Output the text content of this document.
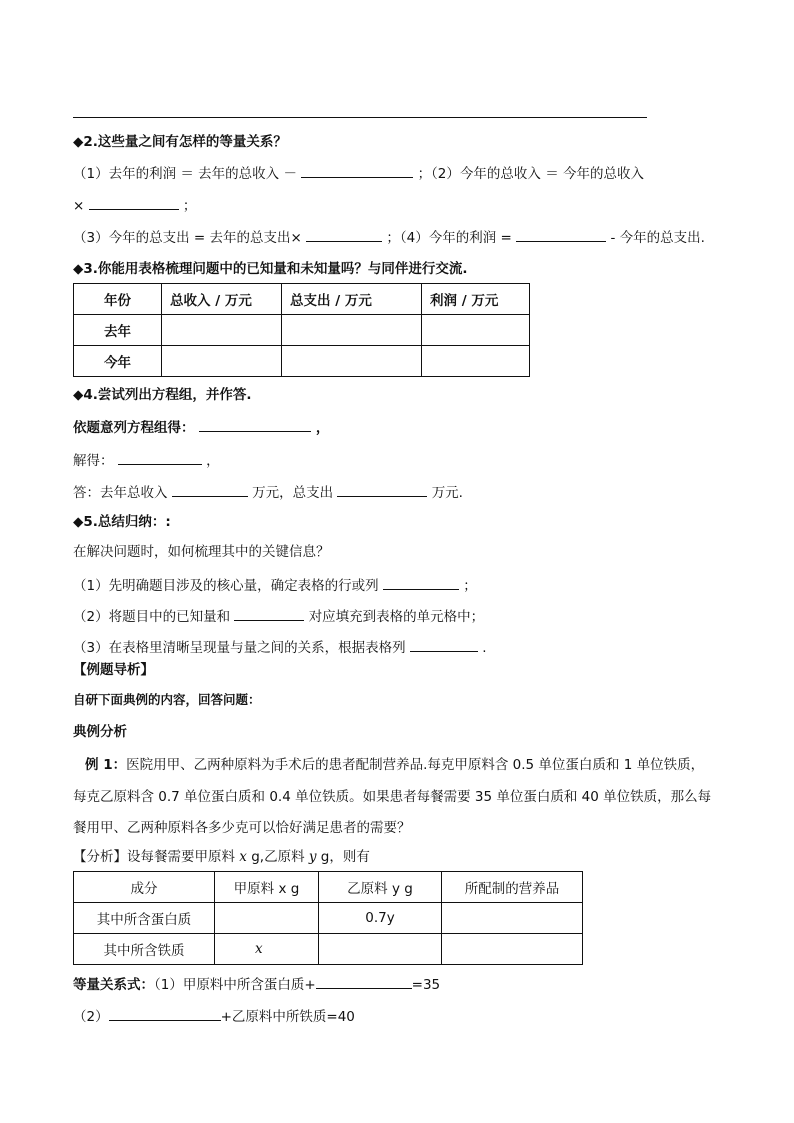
◆2.这些量之间有怎样的等量关系？
（1）去年的利润 ＝ 去年的总收入 －	；（2）今年的总收入 ＝ 今年的总收入
×	；
（3）今年的总支出 = 去年的总支出×	；（4）今年的利润 =	- 今年的总支出.
◆3.你能用表格梳理问题中的已知量和未知量吗？与同伴进行交流.
年份	总收入 / 万元	总支出 / 万元	利润 / 万元
去年			
今年			
◆4.尝试列出方程组，并作答.
依题意列方程组得：	，
解得：	，
答：去年总收入	万元，总支出	万元.
◆5.总结归纳：:
在解决问题时，如何梳理其中的关键信息？
（1）先明确题目涉及的核心量，确定表格的行或列	；
（2）将题目中的已知量和	对应填充到表格的单元格中；
（3）在表格里清晰呈现量与量之间的关系，根据表格列	.
【例题导析】
自研下面典例的内容，回答问题：
典例分析
例 1：医院用甲、乙两种原料为手术后的患者配制营养品.每克甲原料含 0.5 单位蛋白质和 1 单位铁质，
每克乙原料含 0.7 单位蛋白质和 0.4 单位铁质。如果患者每餐需要 35 单位蛋白质和 40 单位铁质，那么每
餐用甲、乙两种原料各多少克可以恰好满足患者的需要？
【分析】设每餐需要甲原料 x g,乙原料 y g，则有
成分	甲原料 x g	乙原料 y g	所配制的营养品
其中所含蛋白质		0.7y	
其中所含铁质	x		
等量关系式：（1）甲原料中所含蛋白质+	=35
（2）	+乙原料中所铁质=40
